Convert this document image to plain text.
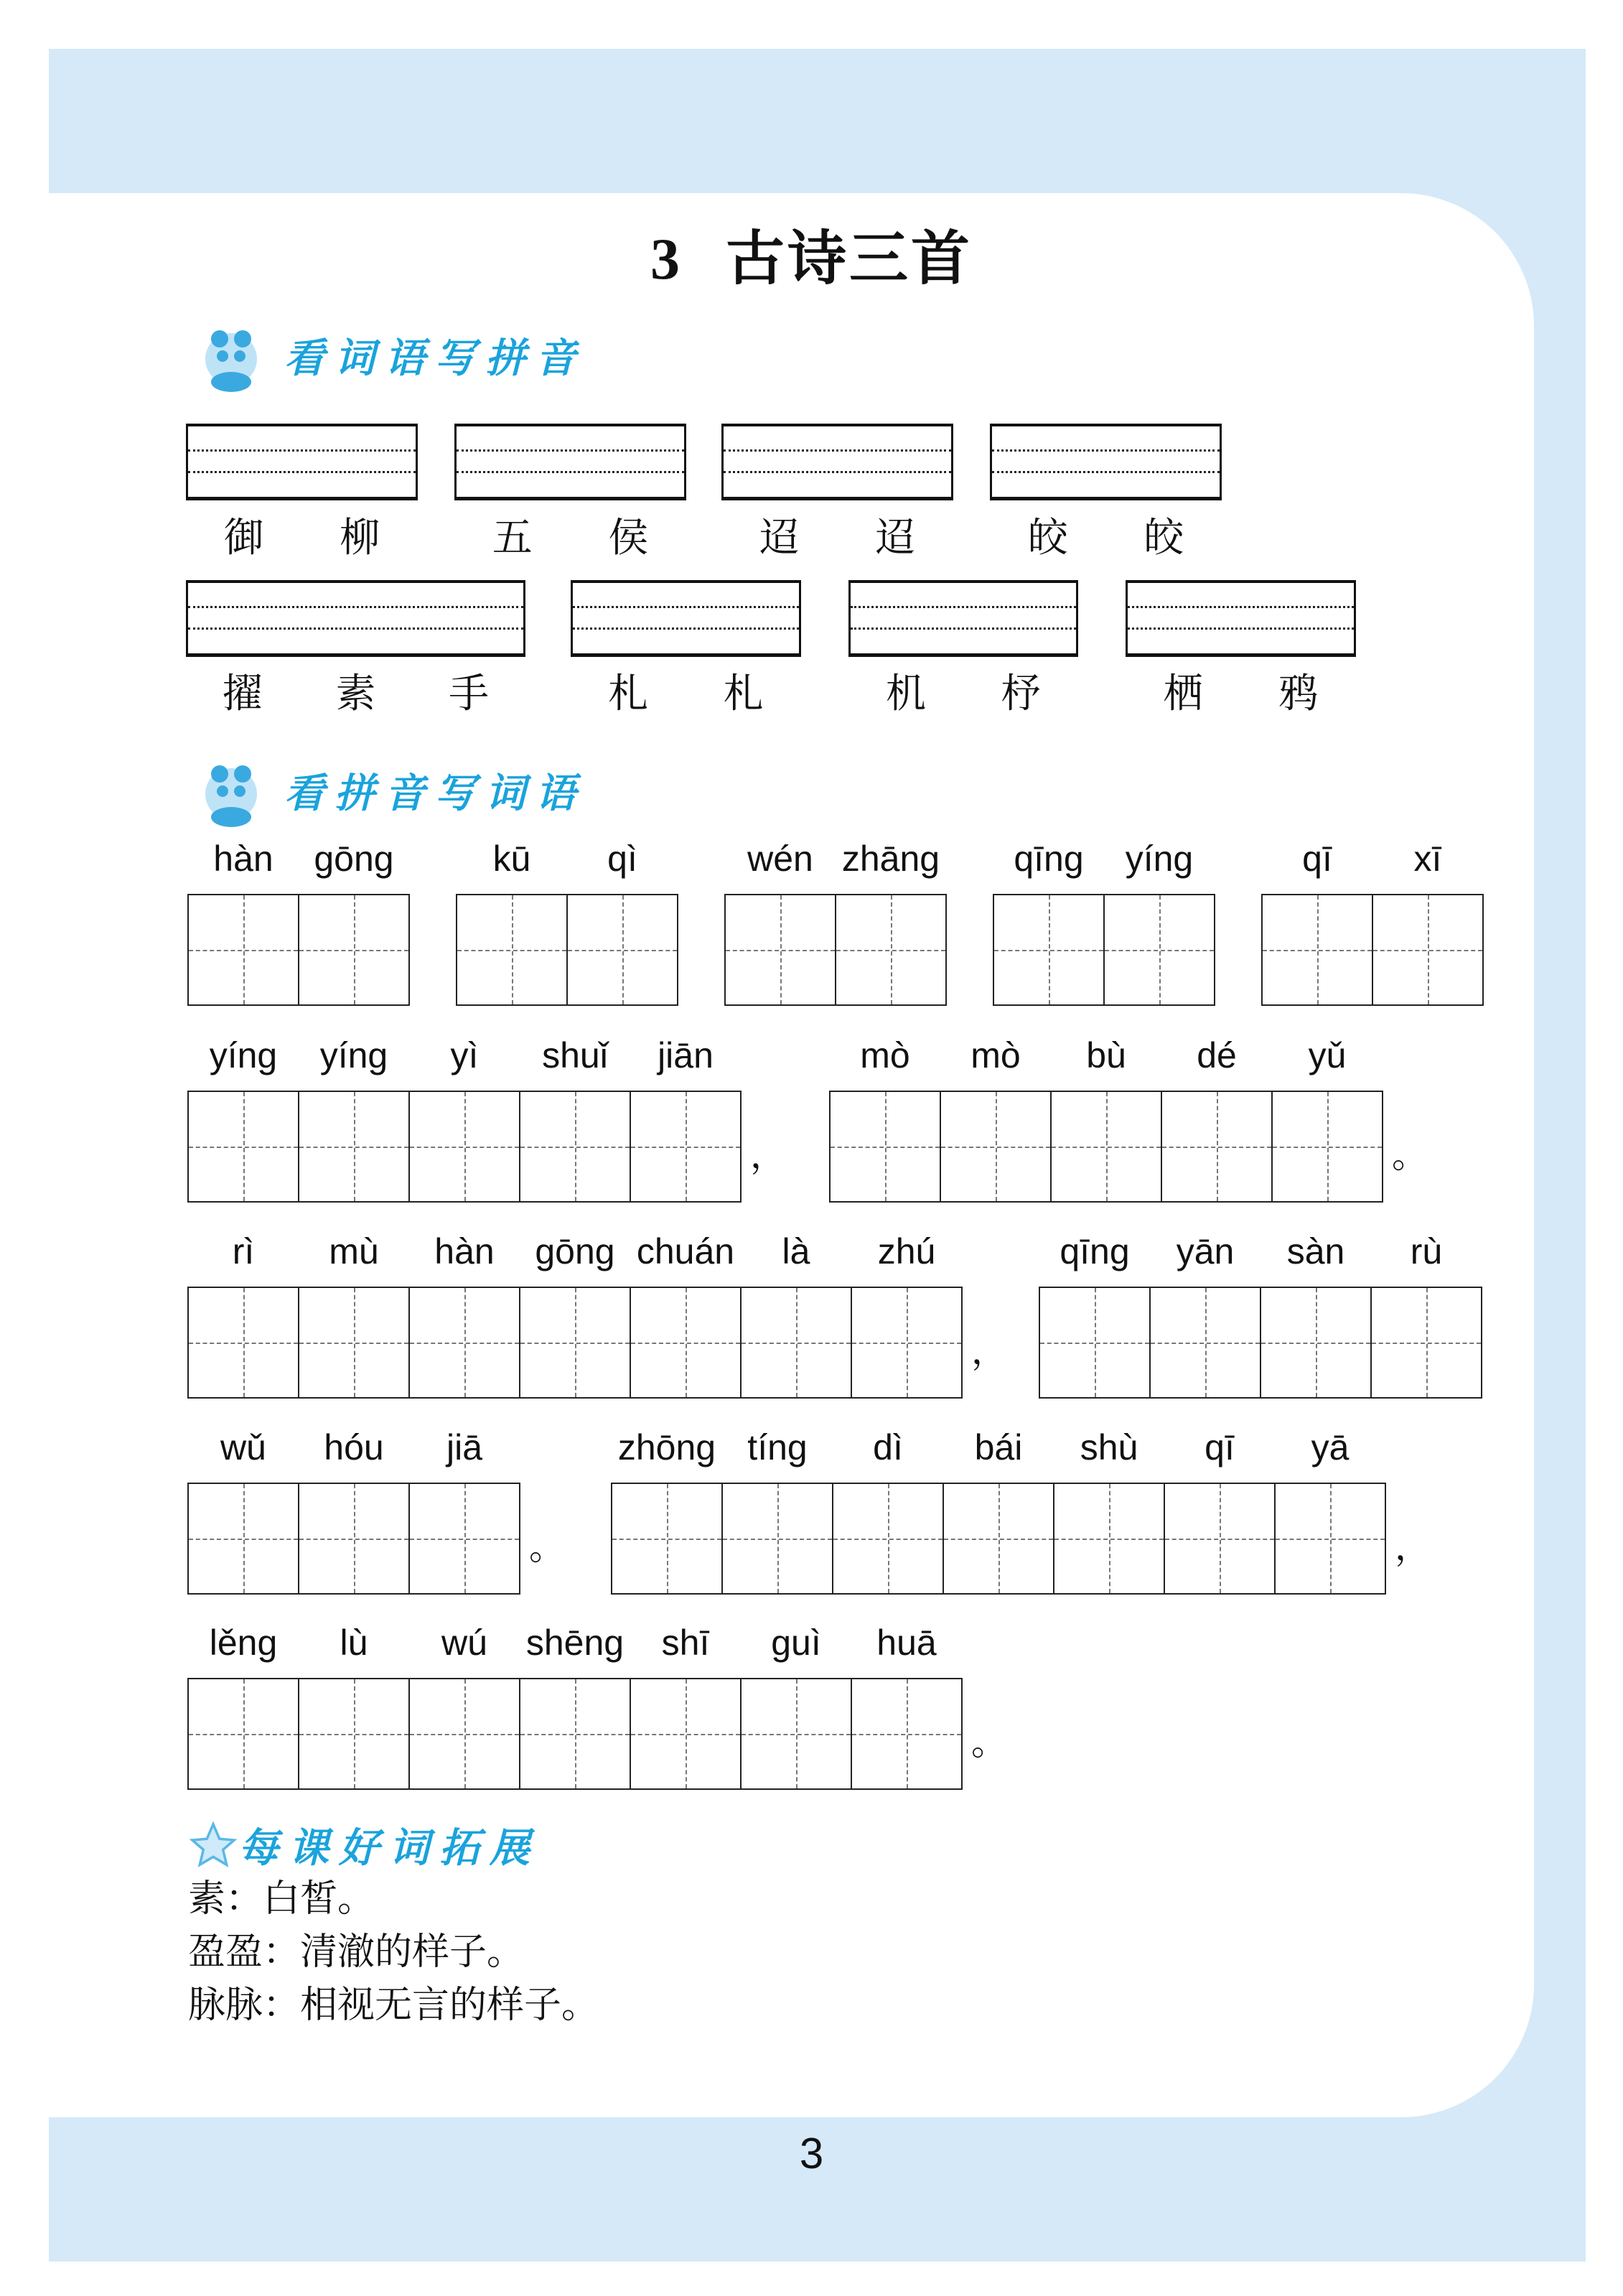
3 古诗三首
看词语写拼音
御 柳	五 侯	迢 迢	皎 皎
擢 素 手	札 札	机 杼	栖 鸦
看拼音写词语
hàn	gōng	kū	qì	wén zhāng	qīng	yíng	qī	xī
yíng	yíng	yì	shuǐ	jiān
，
mò	mò	bù	dé	yǔ
。
rì	mù	hàn	gōng chuán	là	zhú
，
qīng	yān	sàn	rù
wǔ	hóu	jiā
。
zhōng tíng	dì	bái	shù	qī	yā
，
lěng	lù	wú	shēng	shī	guì	huā
。
每课好词拓展
素：白皙。
盈盈：清澈的样子。
脉脉：相视无言的样子。
3
